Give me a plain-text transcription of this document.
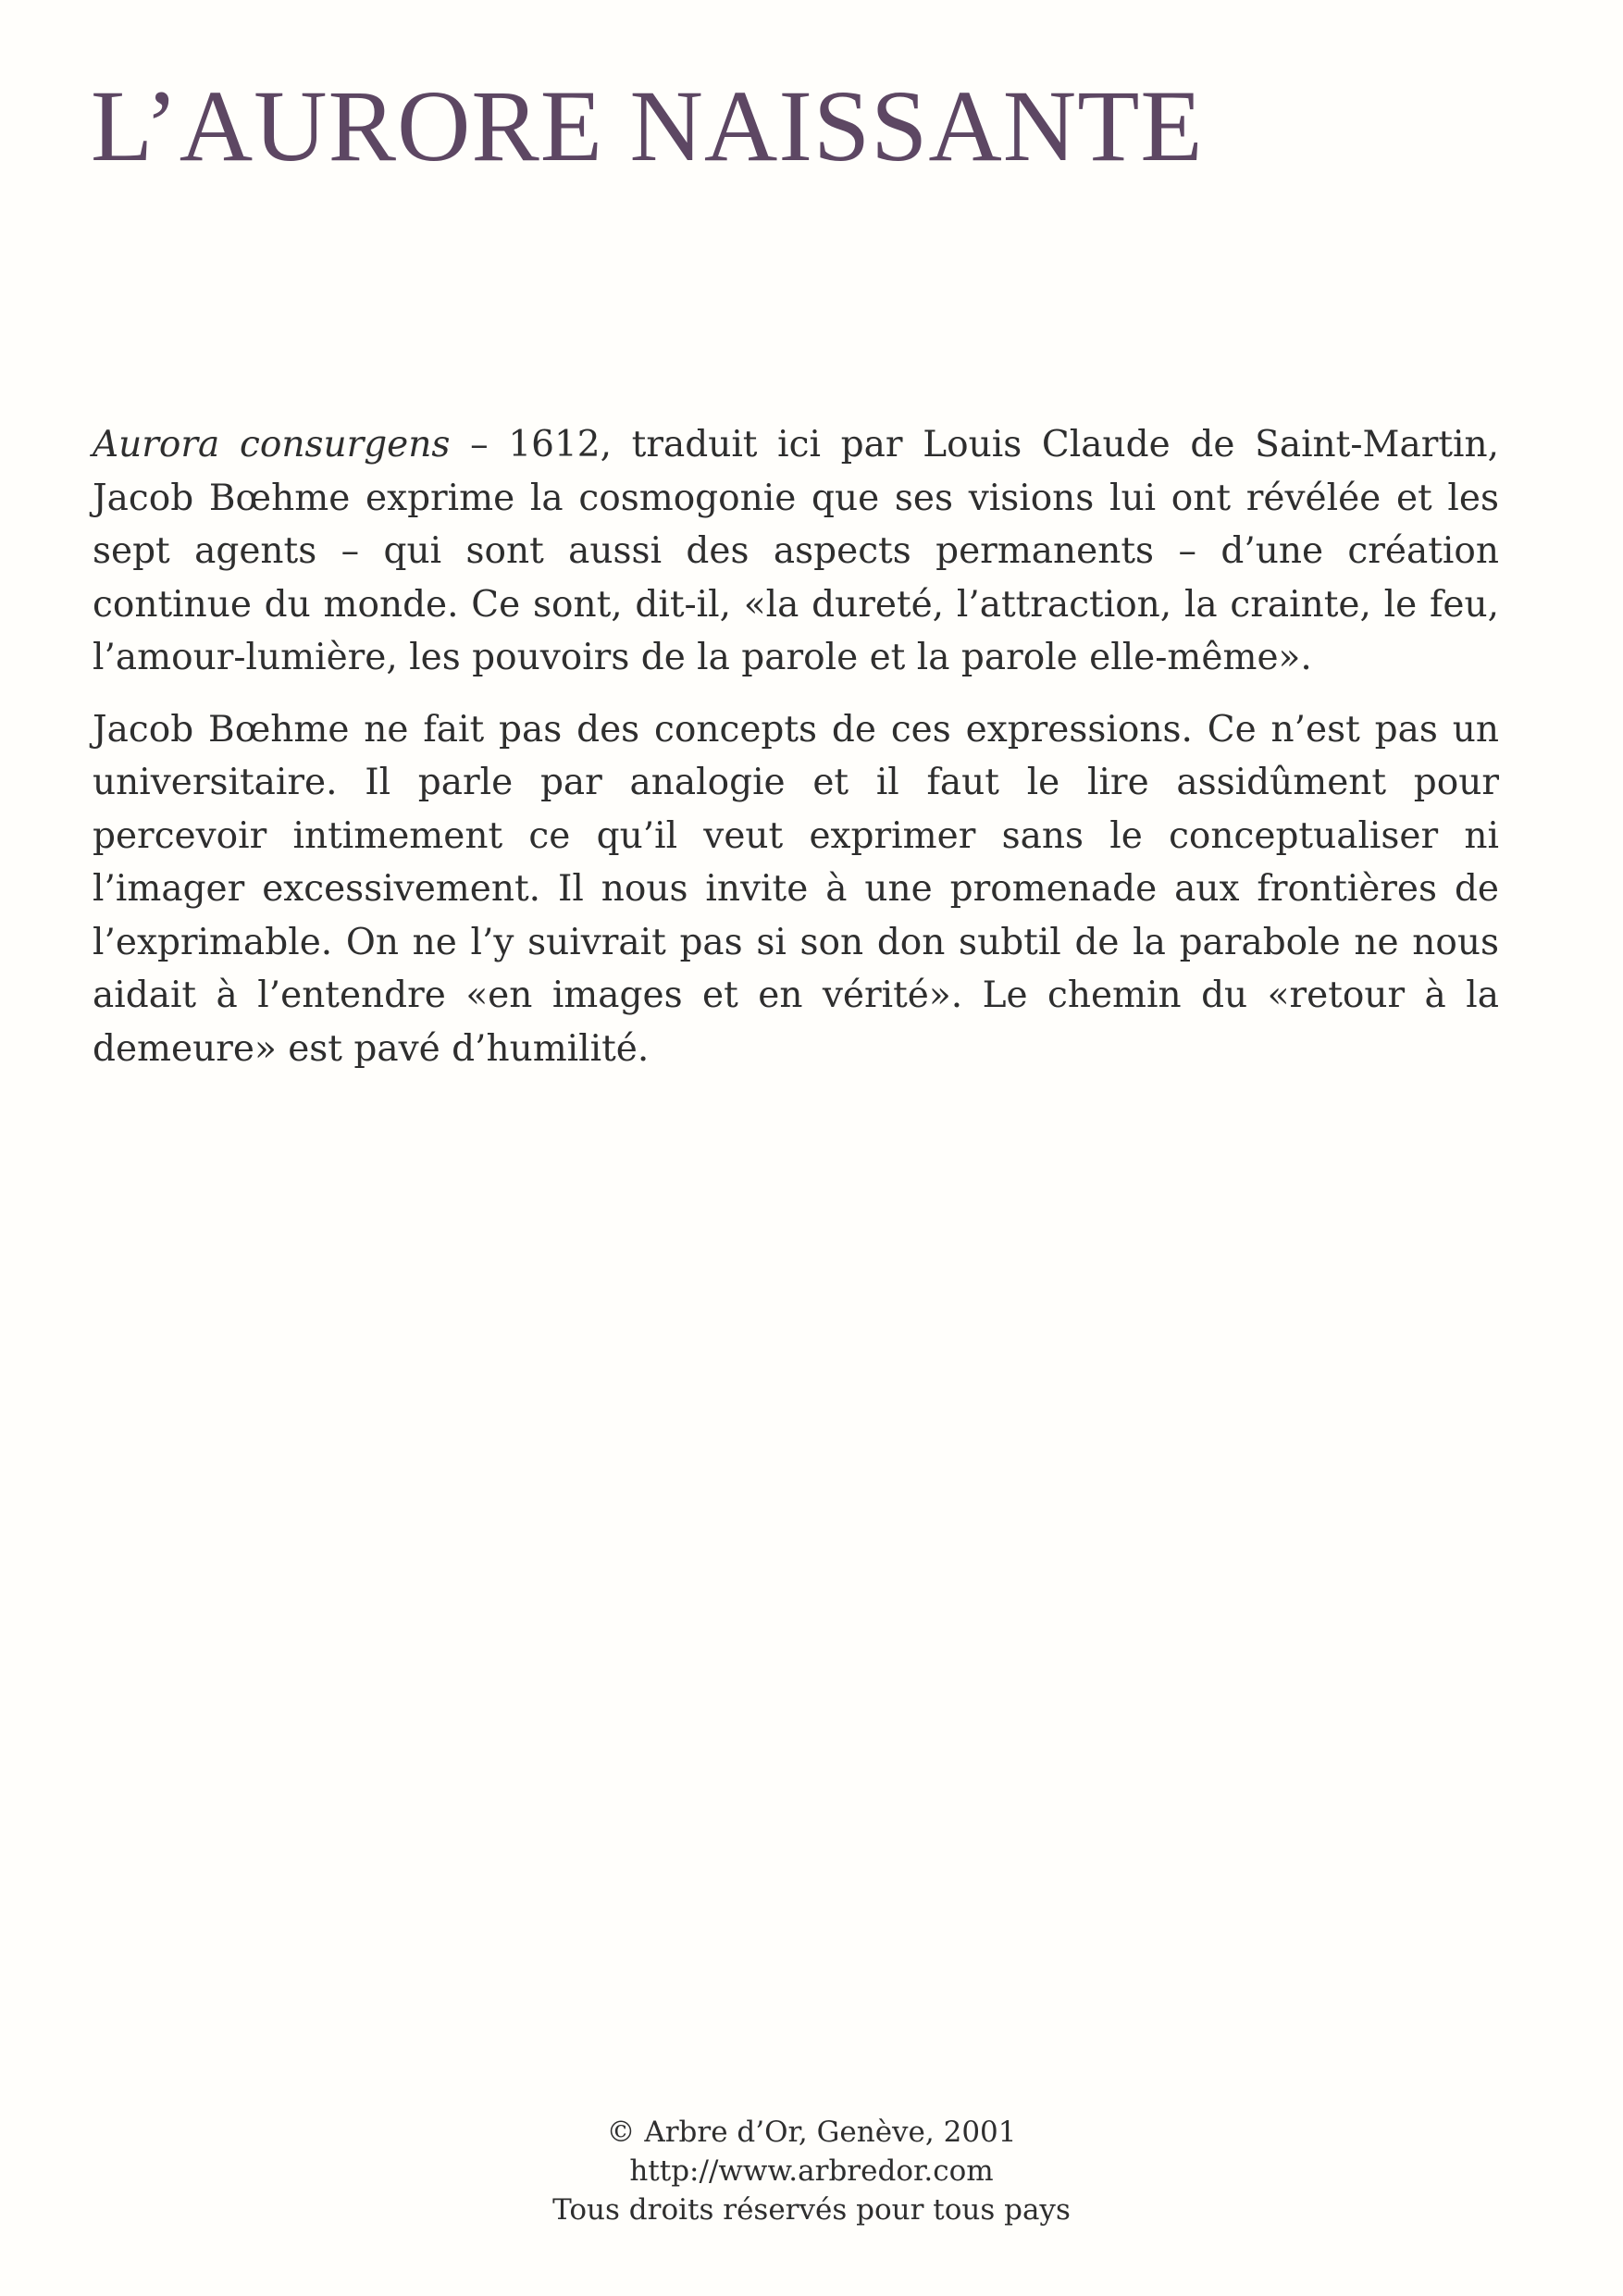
L’AURORE NAISSANTE

Aurora consurgens – 1612, traduit ici par Louis Claude de Saint-Martin, Jacob Bœhme exprime la cosmogonie que ses visions lui ont révélée et les sept agents – qui sont aussi des aspects permanents – d’une création continue du monde. Ce sont, dit-il, «la dureté, l’attraction, la crainte, le feu, l’amour-lumière, les pouvoirs de la parole et la parole elle-même».

Jacob Bœhme ne fait pas des concepts de ces expressions. Ce n’est pas un universitaire. Il parle par analogie et il faut le lire assidûment pour percevoir intimement ce qu’il veut exprimer sans le conceptualiser ni l’imager excessivement. Il nous invite à une promenade aux frontières de l’exprimable. On ne l’y suivrait pas si son don subtil de la parabole ne nous aidait à l’entendre «en images et en vérité». Le chemin du «retour à la demeure» est pavé d’humilité.

© Arbre d’Or, Genève, 2001
http://www.arbredor.com
Tous droits réservés pour tous pays
